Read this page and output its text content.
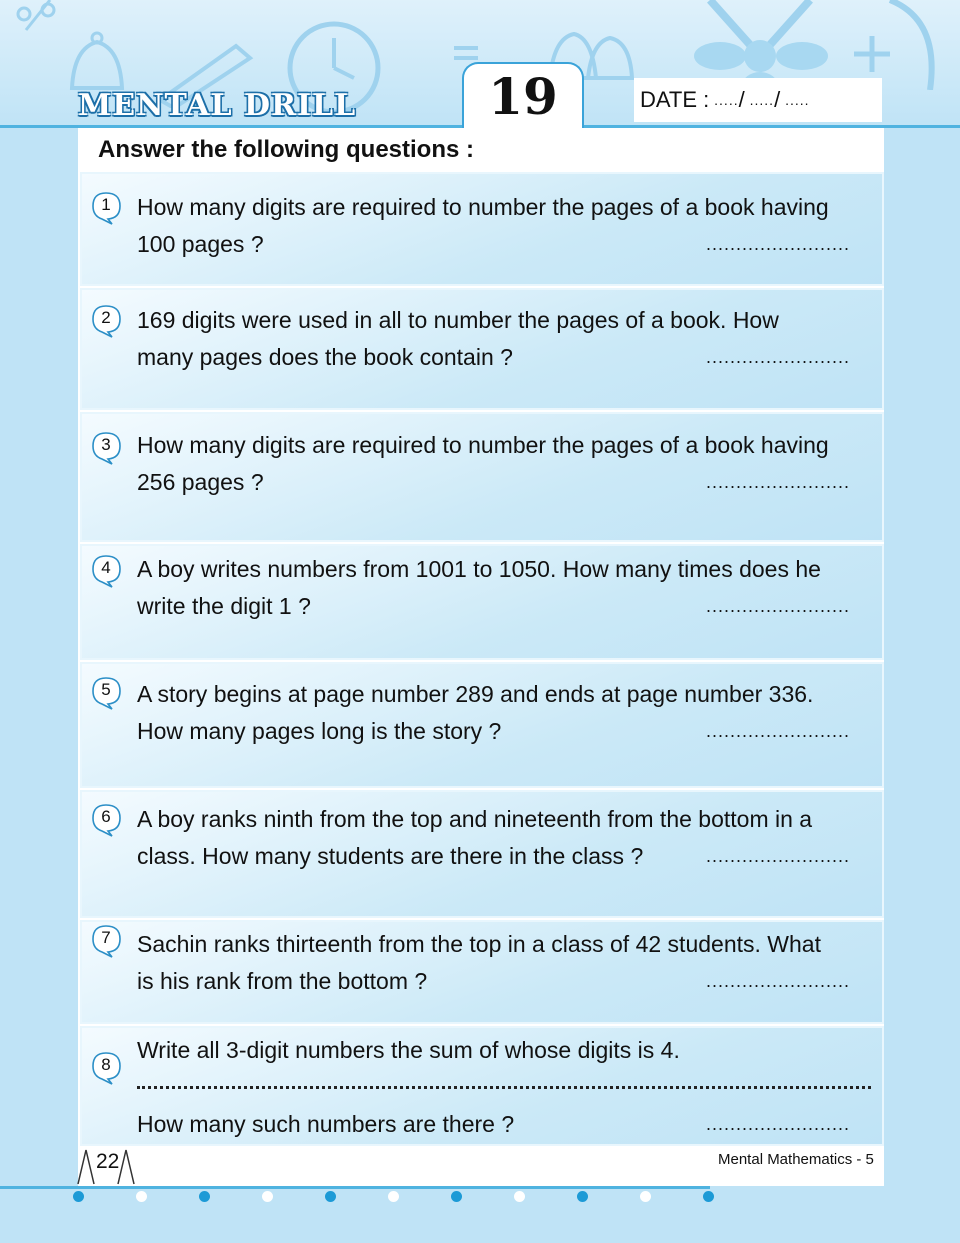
MENTAL DRILL	19	DATE : ..... / ..... / .....
Answer the following questions :
1	How many digits are required to number the pages of a book having
100 pages ?	........................
2	169 digits were used in all to number the pages of a book. How
many pages does the book contain ?	........................
3	How many digits are required to number the pages of a book having
256 pages ?	........................
4	A boy writes numbers from 1001 to 1050. How many times does he
write the digit 1 ?	........................
5	A story begins at page number 289 and ends at page number 336.
How many pages long is the story ?	........................
6	A boy ranks ninth from the top and nineteenth from the bottom in a
class. How many students are there in the class ?	........................
7	Sachin ranks thirteenth from the top in a class of 42 students. What
is his rank from the bottom ?	........................
8
Write all 3-digit numbers the sum of whose digits is 4.
How many such numbers are there ?	........................
22	Mental Mathematics - 5
